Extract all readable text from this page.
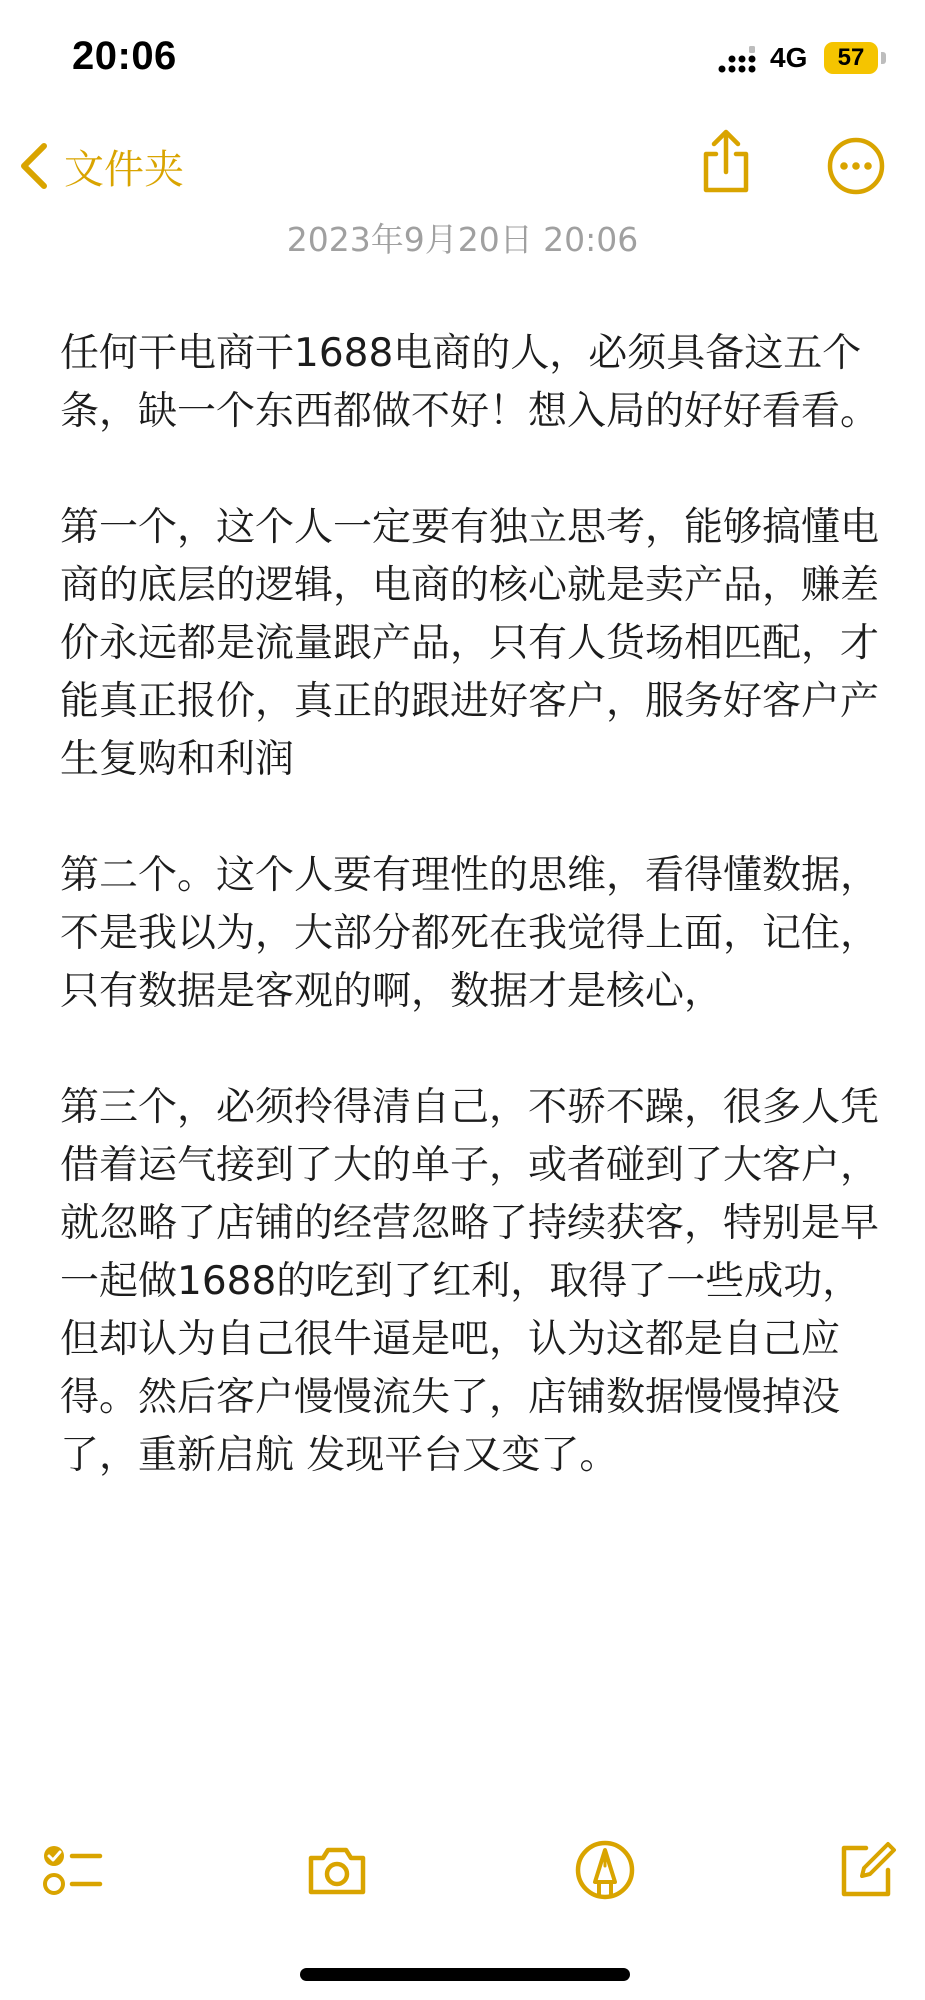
20:06	4G	57
文件夹
2023年9月20日 20:06

任何干电商干1688电商的人，必须具备这五个条，缺一个东西都做不好！想入局的好好看看。

第一个，这个人一定要有独立思考，能够搞懂电商的底层的逻辑，电商的核心就是卖产品，赚差价永远都是流量跟产品，只有人货场相匹配，才能真正报价，真正的跟进好客户，服务好客户产生复购和利润

第二个。这个人要有理性的思维，看得懂数据，不是我以为，大部分都死在我觉得上面，记住，只有数据是客观的啊，数据才是核心，

第三个，必须拎得清自己，不骄不躁，很多人凭借着运气接到了大的单子，或者碰到了大客户，就忽略了店铺的经营忽略了持续获客，特别是早一起做1688的吃到了红利，取得了一些成功，但却认为自己很牛逼是吧，认为这都是自己应得。然后客户慢慢流失了，店铺数据慢慢掉没了，重新启航 发现平台又变了。
